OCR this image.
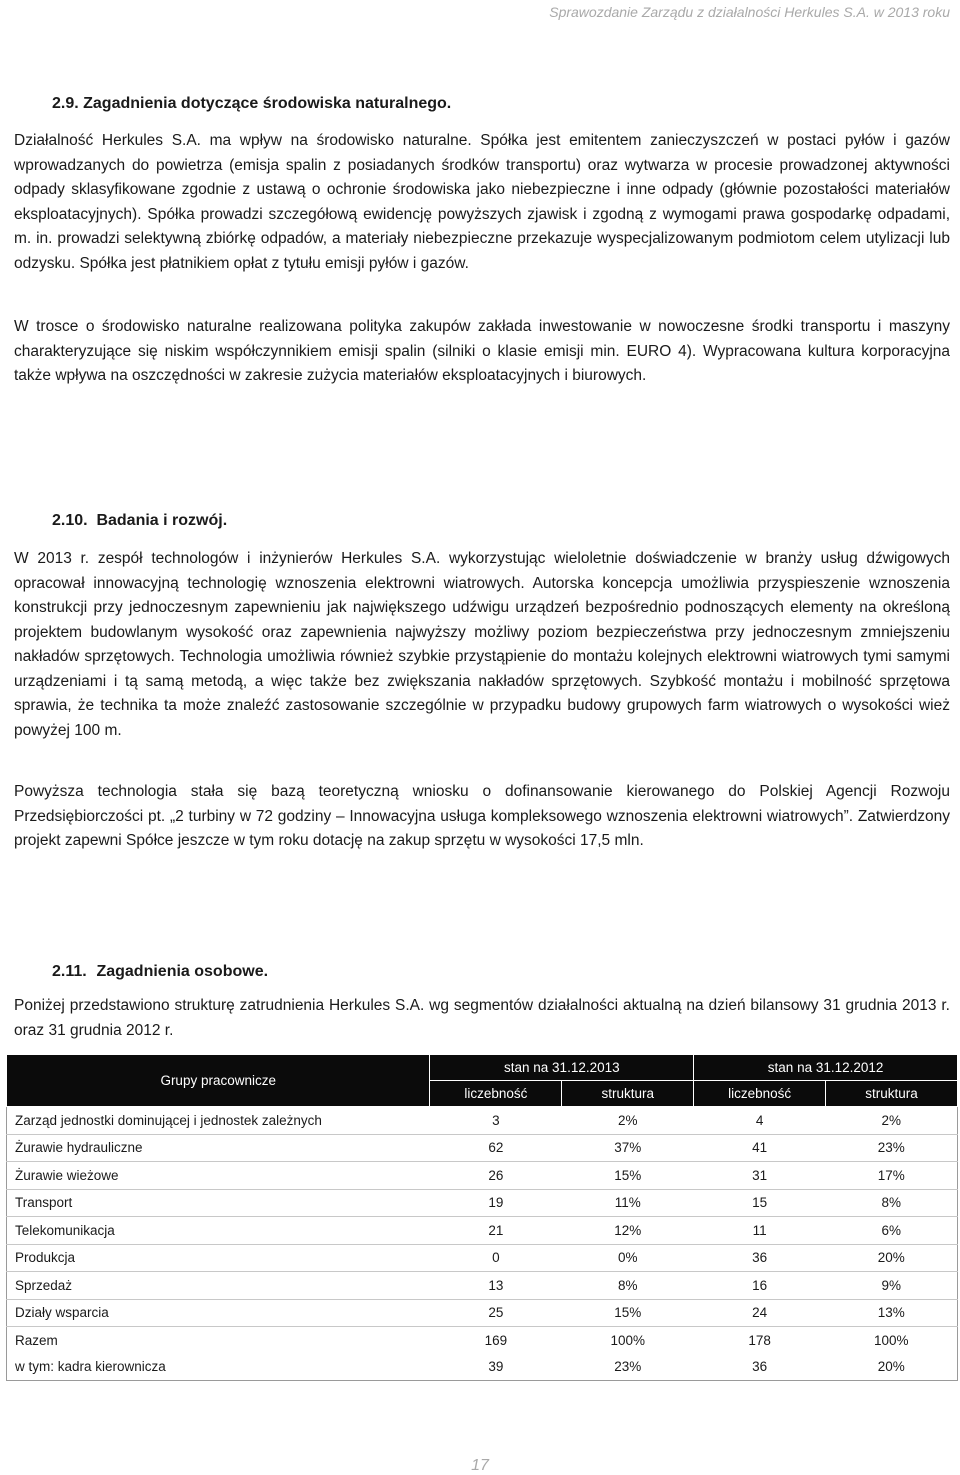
Sprawozdanie Zarządu z działalności Herkules S.A. w 2013 roku
2.9. Zagadnienia dotyczące środowiska naturalnego.

Działalność Herkules S.A. ma wpływ na środowisko naturalne. Spółka jest emitentem zanieczyszczeń w postaci pyłów i gazów wprowadzanych do powietrza (emisja spalin z posiadanych środków transportu) oraz wytwarza w procesie prowadzonej aktywności odpady sklasyfikowane zgodnie z ustawą o ochronie środowiska jako niebezpieczne i inne odpady (głównie pozostałości materiałów eksploatacyjnych). Spółka prowadzi szczegółową ewidencję powyższych zjawisk i zgodną z wymogami prawa gospodarkę odpadami, m. in. prowadzi selektywną zbiórkę odpadów, a materiały niebezpieczne przekazuje wyspecjalizowanym podmiotom celem utylizacji lub odzysku. Spółka jest płatnikiem opłat z tytułu emisji pyłów i gazów.

W trosce o środowisko naturalne realizowana polityka zakupów zakłada inwestowanie w nowoczesne środki transportu i maszyny charakteryzujące się niskim współczynnikiem emisji spalin (silniki o klasie emisji min. EURO 4). Wypracowana kultura korporacyjna także wpływa na oszczędności w zakresie zużycia materiałów eksploatacyjnych i biurowych.

2.10. Badania i rozwój.

W 2013 r. zespół technologów i inżynierów Herkules S.A. wykorzystując wieloletnie doświadczenie w branży usług dźwigowych opracował innowacyjną technologię wznoszenia elektrowni wiatrowych. Autorska koncepcja umożliwia przyspieszenie wznoszenia konstrukcji przy jednoczesnym zapewnieniu jak największego udźwigu urządzeń bezpośrednio podnoszących elementy na określoną projektem budowlanym wysokość oraz zapewnienia najwyższy możliwy poziom bezpieczeństwa przy jednoczesnym zmniejszeniu nakładów sprzętowych. Technologia umożliwia również szybkie przystąpienie do montażu kolejnych elektrowni wiatrowych tymi samymi urządzeniami i tą samą metodą, a więc także bez zwiększania nakładów sprzętowych. Szybkość montażu i mobilność sprzętowa sprawia, że technika ta może znaleźć zastosowanie szczególnie w przypadku budowy grupowych farm wiatrowych o wysokości wież powyżej 100 m.

Powyższa technologia stała się bazą teoretyczną wniosku o dofinansowanie kierowanego do Polskiej Agencji Rozwoju Przedsiębiorczości pt. „2 turbiny w 72 godziny – Innowacyjna usługa kompleksowego wznoszenia elektrowni wiatrowych”. Zatwierdzony projekt zapewni Spółce jeszcze w tym roku dotację na zakup sprzętu w wysokości 17,5 mln.

2.11. Zagadnienia osobowe.

Poniżej przedstawiono strukturę zatrudnienia Herkules S.A. wg segmentów działalności aktualną na dzień bilansowy 31 grudnia 2013 r. oraz 31 grudnia 2012 r.

Grupy pracownicze	stan na 31.12.2013		stan na 31.12.2012	
	liczebność	struktura	liczebność	struktura
Zarząd jednostki dominującej i jednostek zależnych	3	2%	4	2%
Żurawie hydrauliczne	62	37%	41	23%
Żurawie wieżowe	26	15%	31	17%
Transport	19	11%	15	8%
Telekomunikacja	21	12%	11	6%
Produkcja	0	0%	36	20%
Sprzedaż	13	8%	16	9%
Działy wsparcia	25	15%	24	13%
Razem	169	100%	178	100%
w tym: kadra kierownicza	39	23%	36	20%
17
